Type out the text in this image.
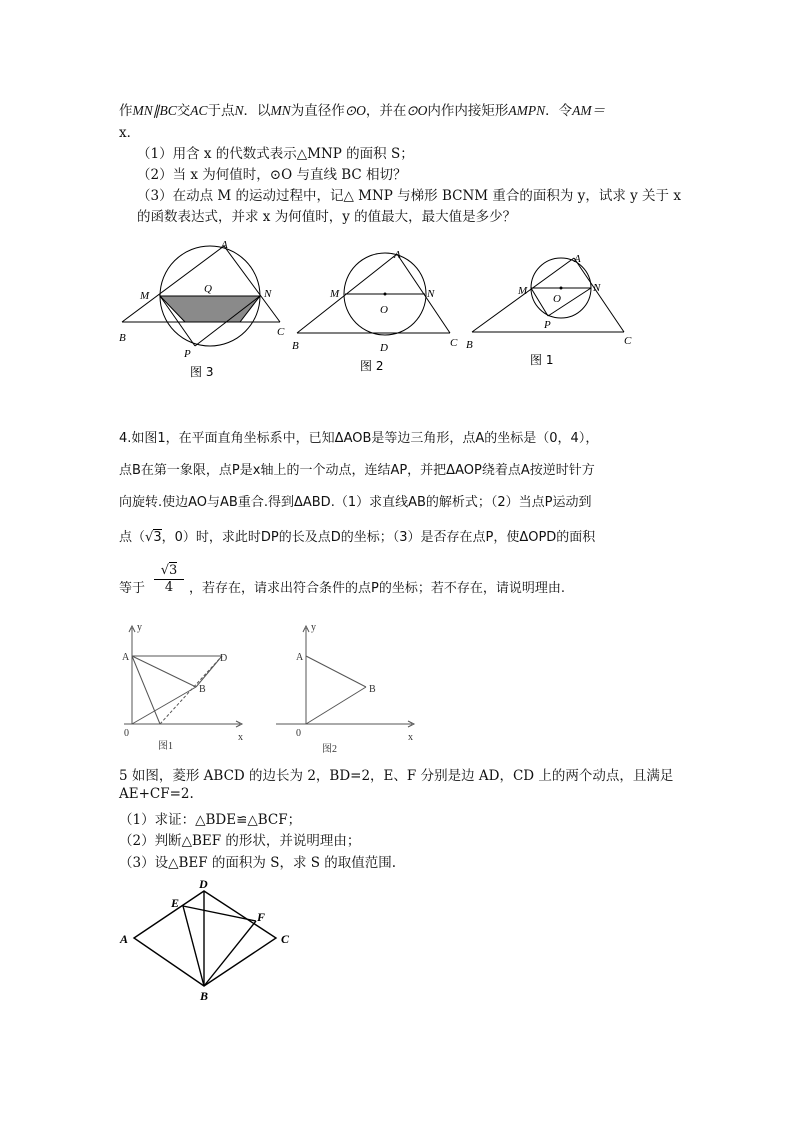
作MN∥BC交AC于点N．以MN为直径作⊙O，并在⊙O内作内接矩形AMPN．令AM＝
x．
（1）用含 x 的代数式表示△MNP 的面积 S；
（2）当 x 为何值时，⊙O 与直线 BC 相切？
（3）在动点 M 的运动过程中，记△ MNP 与梯形 BCNM 重合的面积为 y，试求 y 关于 x
的函数表达式，并求 x 为何值时，y 的值最大，最大值是多少？
A
M	N
Q
B	C
P
图 3
A
M	N
O
B	C
D
图 2
A
M	N
O
P
B	C
图 1
4.如图1，在平面直角坐标系中，已知ΔAOB是等边三角形，点A的坐标是（0，4），
点B在第一象限，点P是x轴上的一个动点，连结AP，并把ΔAOP绕着点A按逆时针方
向旋转.使边AO与AB重合.得到ΔABD.（1）求直线AB的解析式；（2）当点P运动到
点（√3，0）时，求此时DP的长及点D的坐标；（3）是否存在点P，使ΔOPD的面积
等于 $\frac{√3}{4}$ ，若存在，请求出符合条件的点P的坐标；若不存在，请说明理由.
y
A	D
B
0	x
图1
y
A
B
0	x
图2
5 如图，菱形 ABCD 的边长为 2，BD=2，E、F 分别是边 AD，CD 上的两个动点，且满足
AE+CF=2.
（1）求证：△BDE≌△BCF；
（2）判断△BEF 的形状，并说明理由；
（3）设△BEF 的面积为 S，求 S 的取值范围.
A
D
E
F
C
B
